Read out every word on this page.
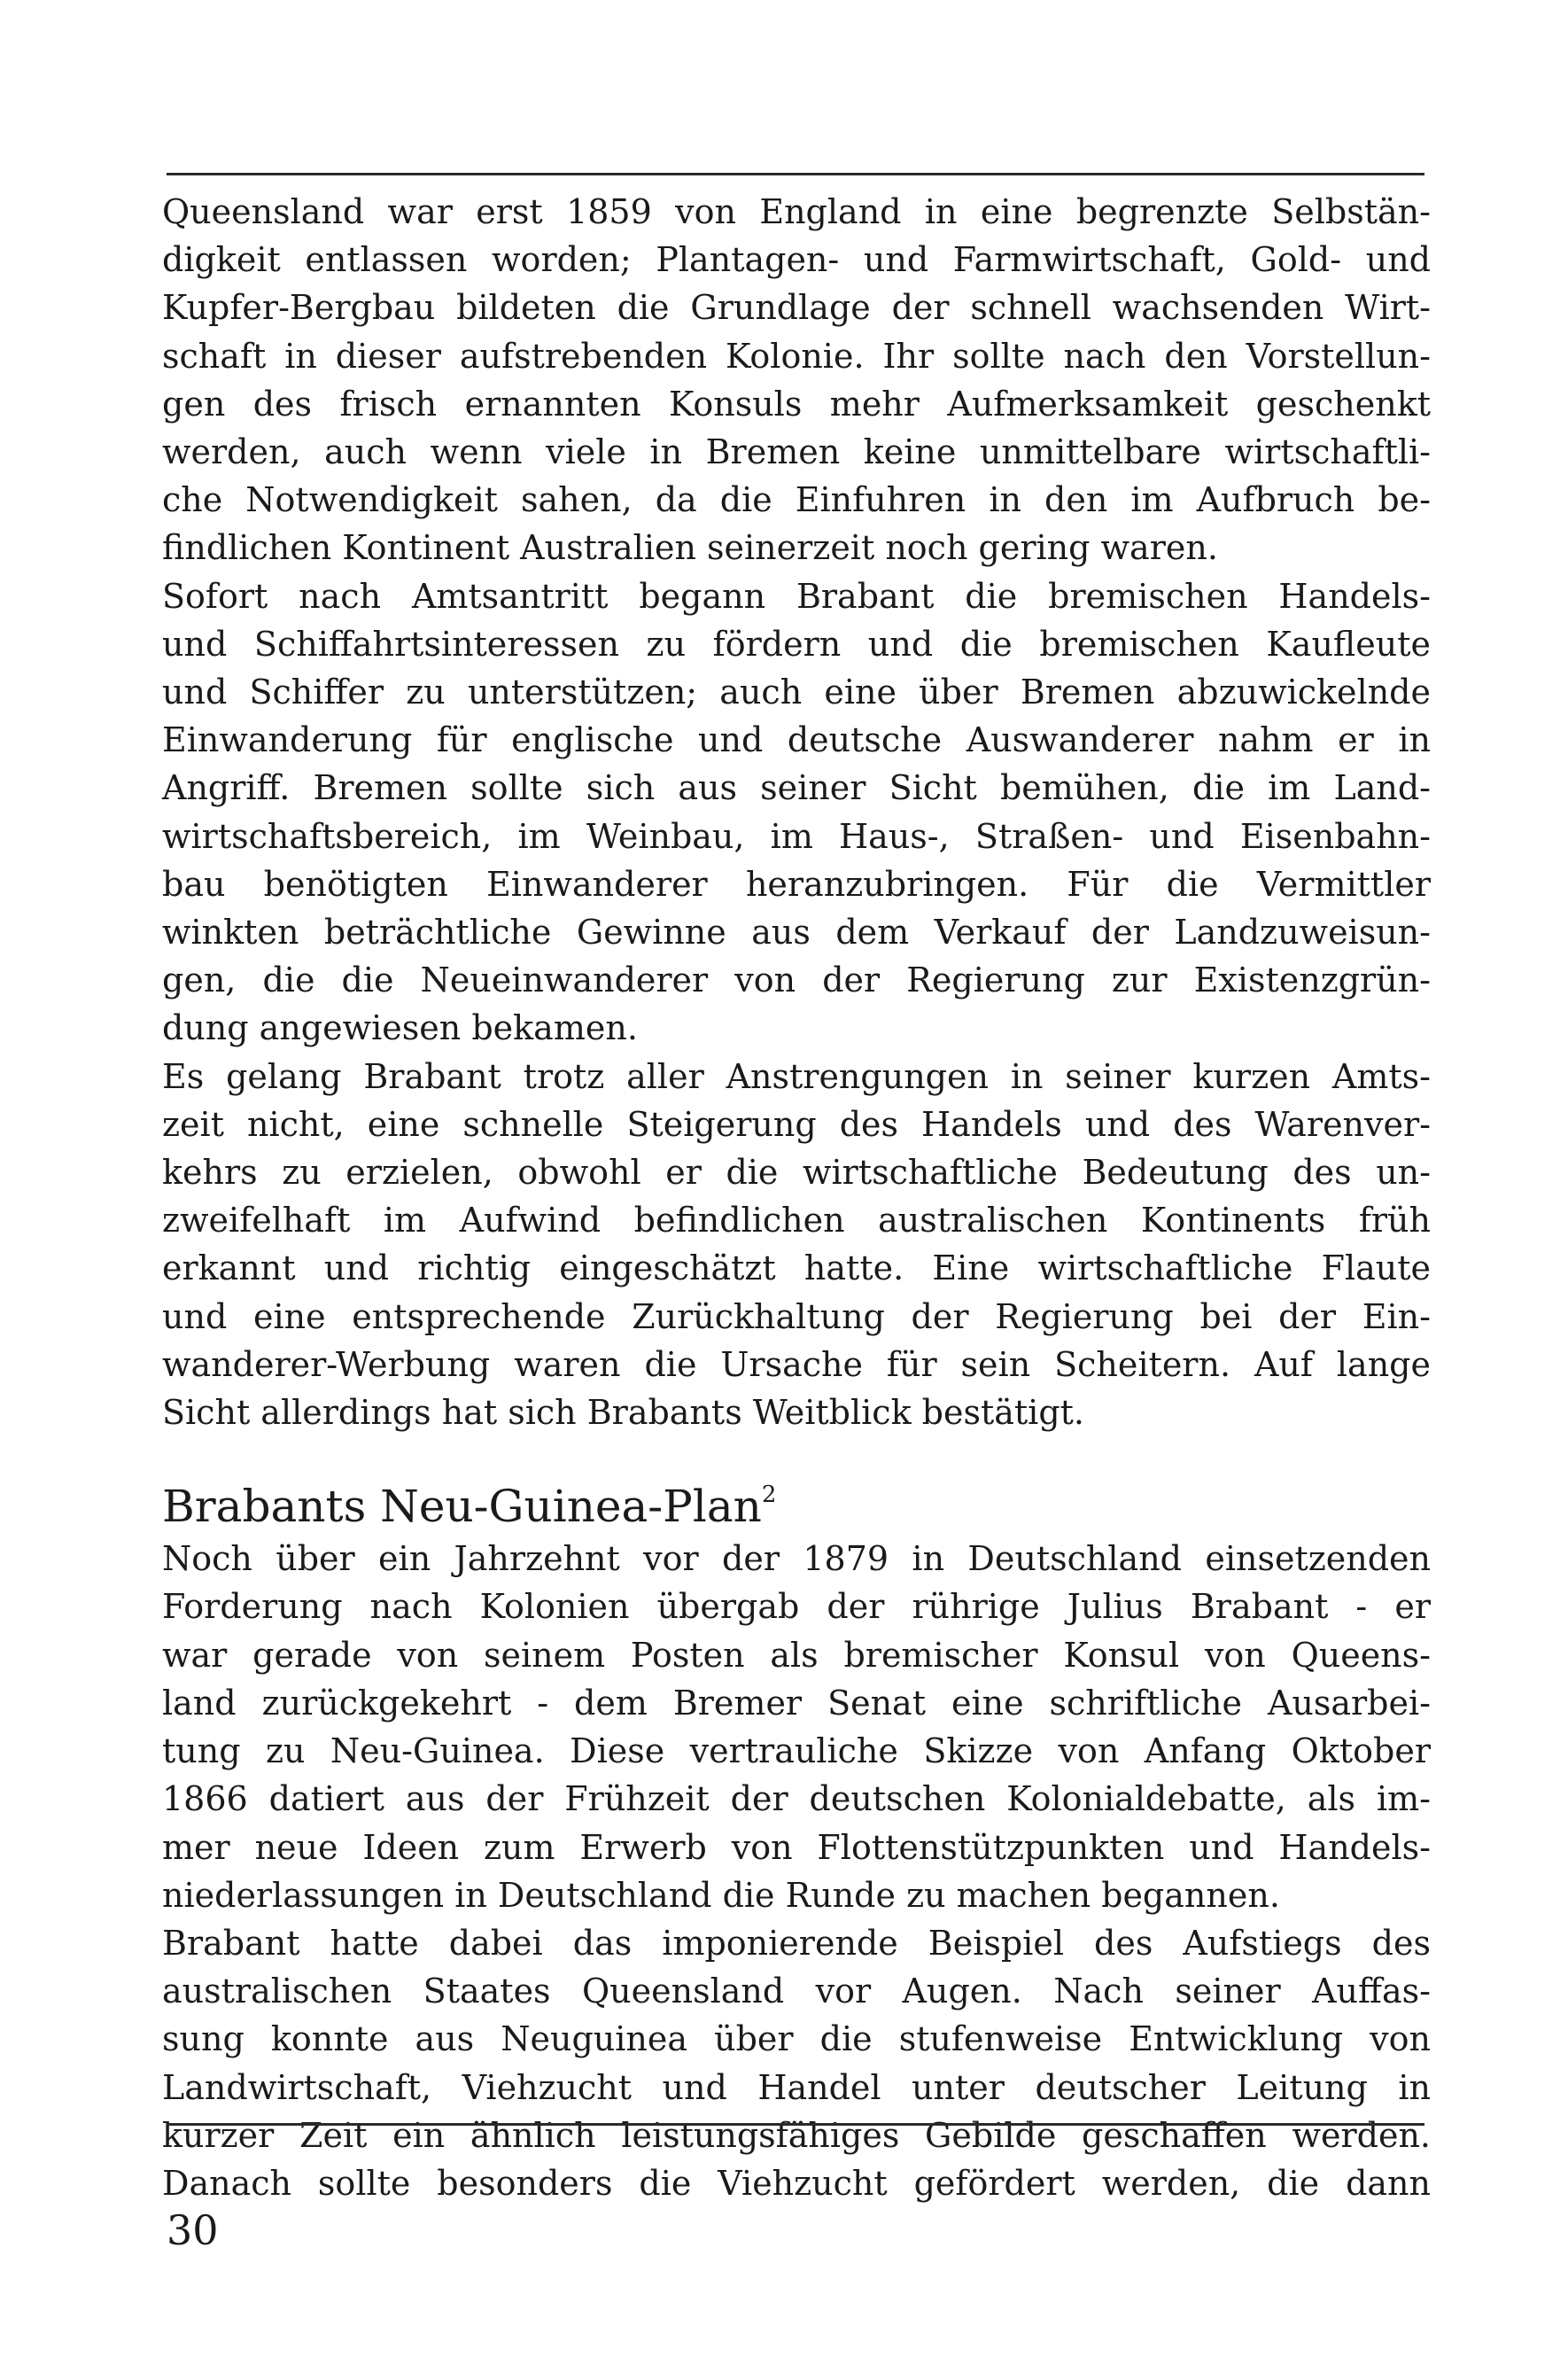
Queensland war erst 1859 von England in eine begrenzte Selbstän-
digkeit entlassen worden; Plantagen- und Farmwirtschaft, Gold- und
Kupfer-Bergbau bildeten die Grundlage der schnell wachsenden Wirt-
schaft in dieser aufstrebenden Kolonie. Ihr sollte nach den Vorstellun-
gen des frisch ernannten Konsuls mehr Aufmerksamkeit geschenkt
werden, auch wenn viele in Bremen keine unmittelbare wirtschaftli-
che Notwendigkeit sahen, da die Einfuhren in den im Aufbruch be-
findlichen Kontinent Australien seinerzeit noch gering waren.

Sofort nach Amtsantritt begann Brabant die bremischen Handels-
und Schiffahrtsinteressen zu fördern und die bremischen Kaufleute
und Schiffer zu unterstützen; auch eine über Bremen abzuwickelnde
Einwanderung für englische und deutsche Auswanderer nahm er in
Angriff. Bremen sollte sich aus seiner Sicht bemühen, die im Land-
wirtschaftsbereich, im Weinbau, im Haus-, Straßen- und Eisenbahn-
bau benötigten Einwanderer heranzubringen. Für die Vermittler
winkten beträchtliche Gewinne aus dem Verkauf der Landzuweisun-
gen, die die Neueinwanderer von der Regierung zur Existenzgrün-
dung angewiesen bekamen.

Es gelang Brabant trotz aller Anstrengungen in seiner kurzen Amts-
zeit nicht, eine schnelle Steigerung des Handels und des Warenver-
kehrs zu erzielen, obwohl er die wirtschaftliche Bedeutung des un-
zweifelhaft im Aufwind befindlichen australischen Kontinents früh
erkannt und richtig eingeschätzt hatte. Eine wirtschaftliche Flaute
und eine entsprechende Zurückhaltung der Regierung bei der Ein-
wanderer-Werbung waren die Ursache für sein Scheitern. Auf lange
Sicht allerdings hat sich Brabants Weitblick bestätigt.

Brabants Neu-Guinea-Plan$^2$

Noch über ein Jahrzehnt vor der 1879 in Deutschland einsetzenden
Forderung nach Kolonien übergab der rührige Julius Brabant - er
war gerade von seinem Posten als bremischer Konsul von Queens-
land zurückgekehrt - dem Bremer Senat eine schriftliche Ausarbei-
tung zu Neu-Guinea. Diese vertrauliche Skizze von Anfang Oktober
1866 datiert aus der Frühzeit der deutschen Kolonialdebatte, als im-
mer neue Ideen zum Erwerb von Flottenstützpunkten und Handels-
niederlassungen in Deutschland die Runde zu machen begannen.

Brabant hatte dabei das imponierende Beispiel des Aufstiegs des
australischen Staates Queensland vor Augen. Nach seiner Auffas-
sung konnte aus Neuguinea über die stufenweise Entwicklung von
Landwirtschaft, Viehzucht und Handel unter deutscher Leitung in
kurzer Zeit ein ähnlich leistungsfähiges Gebilde geschaffen werden.
Danach sollte besonders die Viehzucht gefördert werden, die dann

30
